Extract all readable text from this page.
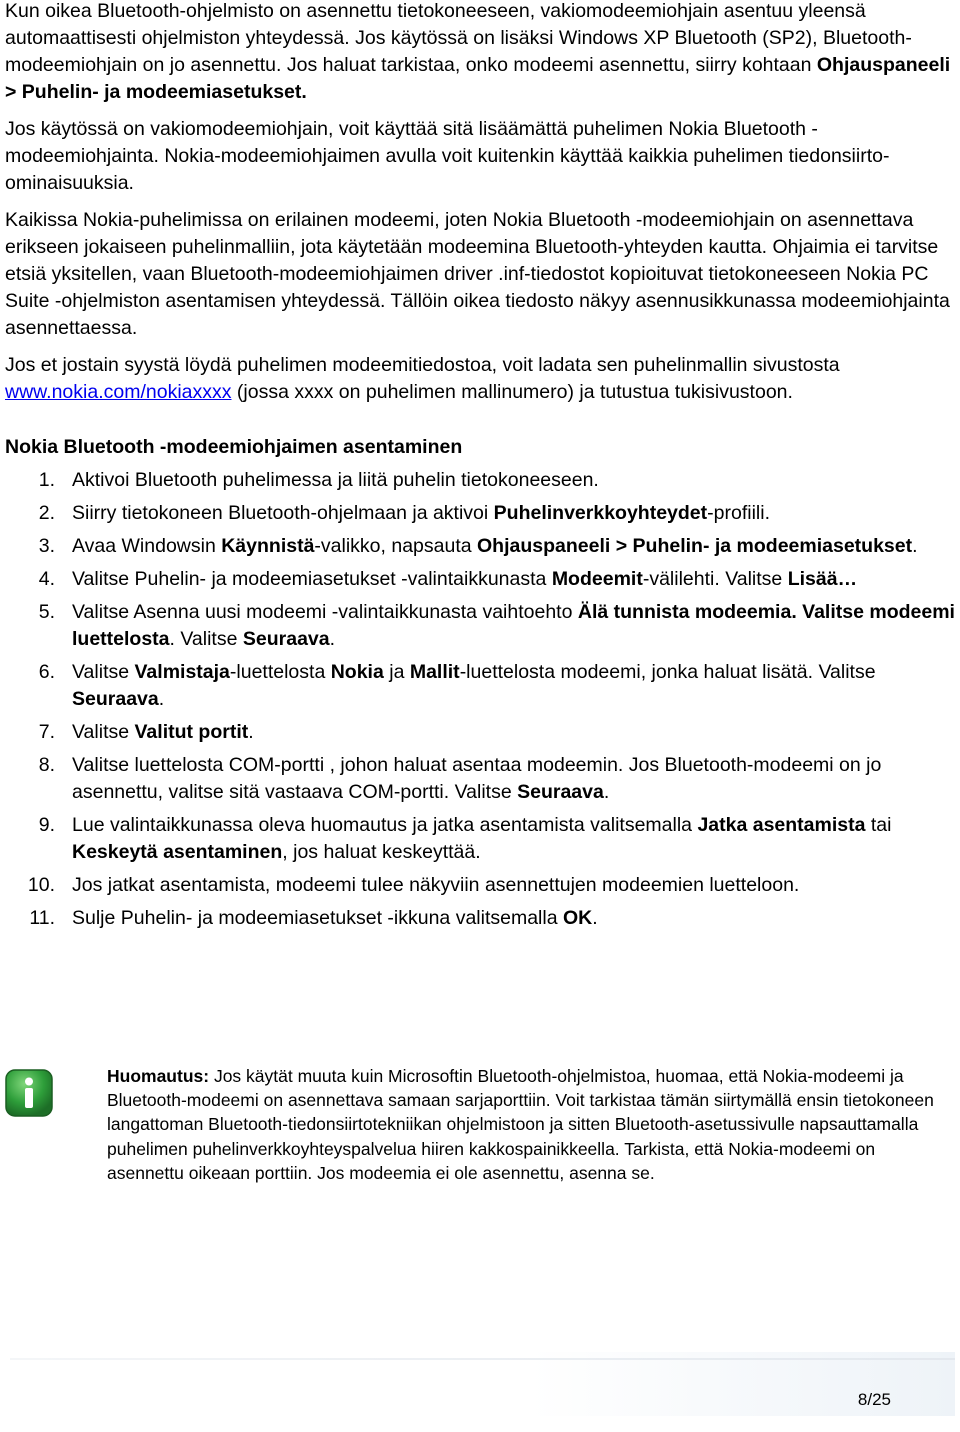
Kun oikea Bluetooth-ohjelmisto on asennettu tietokoneeseen, vakiomodeemiohjain asentuu yleensä automaattisesti ohjelmiston yhteydessä. Jos käytössä on lisäksi Windows XP Bluetooth (SP2), Bluetooth-modeemiohjain on jo asennettu. Jos haluat tarkistaa, onko modeemi asennettu, siirry kohtaan Ohjauspaneeli > Puhelin- ja modeemiasetukset.

Jos käytössä on vakiomodeemiohjain, voit käyttää sitä lisäämättä puhelimen Nokia Bluetooth -modeemiohjainta. Nokia-modeemiohjaimen avulla voit kuitenkin käyttää kaikkia puhelimen tiedonsiirto-ominaisuuksia.

Kaikissa Nokia-puhelimissa on erilainen modeemi, joten Nokia Bluetooth -modeemiohjain on asennettava erikseen jokaiseen puhelinmalliin, jota käytetään modeemina Bluetooth-yhteyden kautta. Ohjaimia ei tarvitse etsiä yksitellen, vaan Bluetooth-modeemiohjaimen driver .inf-tiedostot kopioituvat tietokoneeseen Nokia PC Suite -ohjelmiston asentamisen yhteydessä. Tällöin oikea tiedosto näkyy asennusikkunassa modeemiohjainta asennettaessa.

Jos et jostain syystä löydä puhelimen modeemitiedostoa, voit ladata sen puhelinmallin sivustosta www.nokia.com/nokiaxxxx (jossa xxxx on puhelimen mallinumero) ja tutustua tukisivustoon.

Nokia Bluetooth -modeemiohjaimen asentaminen
1. Aktivoi Bluetooth puhelimessa ja liitä puhelin tietokoneeseen.
2. Siirry tietokoneen Bluetooth-ohjelmaan ja aktivoi Puhelinverkkoyhteydet-profiili.
3. Avaa Windowsin Käynnistä-valikko, napsauta Ohjauspaneeli > Puhelin- ja modeemiasetukset.
4. Valitse Puhelin- ja modeemiasetukset -valintaikkunasta Modeemit-välilehti. Valitse Lisää…
5. Valitse Asenna uusi modeemi -valintaikkunasta vaihtoehto Älä tunnista modeemia. Valitse modeemi luettelosta. Valitse Seuraava.
6. Valitse Valmistaja-luettelosta Nokia ja Mallit-luettelosta modeemi, jonka haluat lisätä. Valitse Seuraava.
7. Valitse Valitut portit.
8. Valitse luettelosta COM-portti , johon haluat asentaa modeemin. Jos Bluetooth-modeemi on jo asennettu, valitse sitä vastaava COM-portti. Valitse Seuraava.
9. Lue valintaikkunassa oleva huomautus ja jatka asentamista valitsemalla Jatka asentamista tai Keskeytä asentaminen, jos haluat keskeyttää.
10. Jos jatkat asentamista, modeemi tulee näkyviin asennettujen modeemien luetteloon.
11. Sulje Puhelin- ja modeemiasetukset -ikkuna valitsemalla OK.
Huomautus: Jos käytät muuta kuin Microsoftin Bluetooth-ohjelmistoa, huomaa, että Nokia-modeemi ja Bluetooth-modeemi on asennettava samaan sarjaporttiin. Voit tarkistaa tämän siirtymällä ensin tietokoneen langattoman Bluetooth-tiedonsiirtotekniikan ohjelmistoon ja sitten Bluetooth-asetussivulle napsauttamalla puhelimen puhelinverkkoyhteyspalvelua hiiren kakkospainikkeella. Tarkista, että Nokia-modeemi on asennettu oikeaan porttiin. Jos modeemia ei ole asennettu, asenna se.
8/25
